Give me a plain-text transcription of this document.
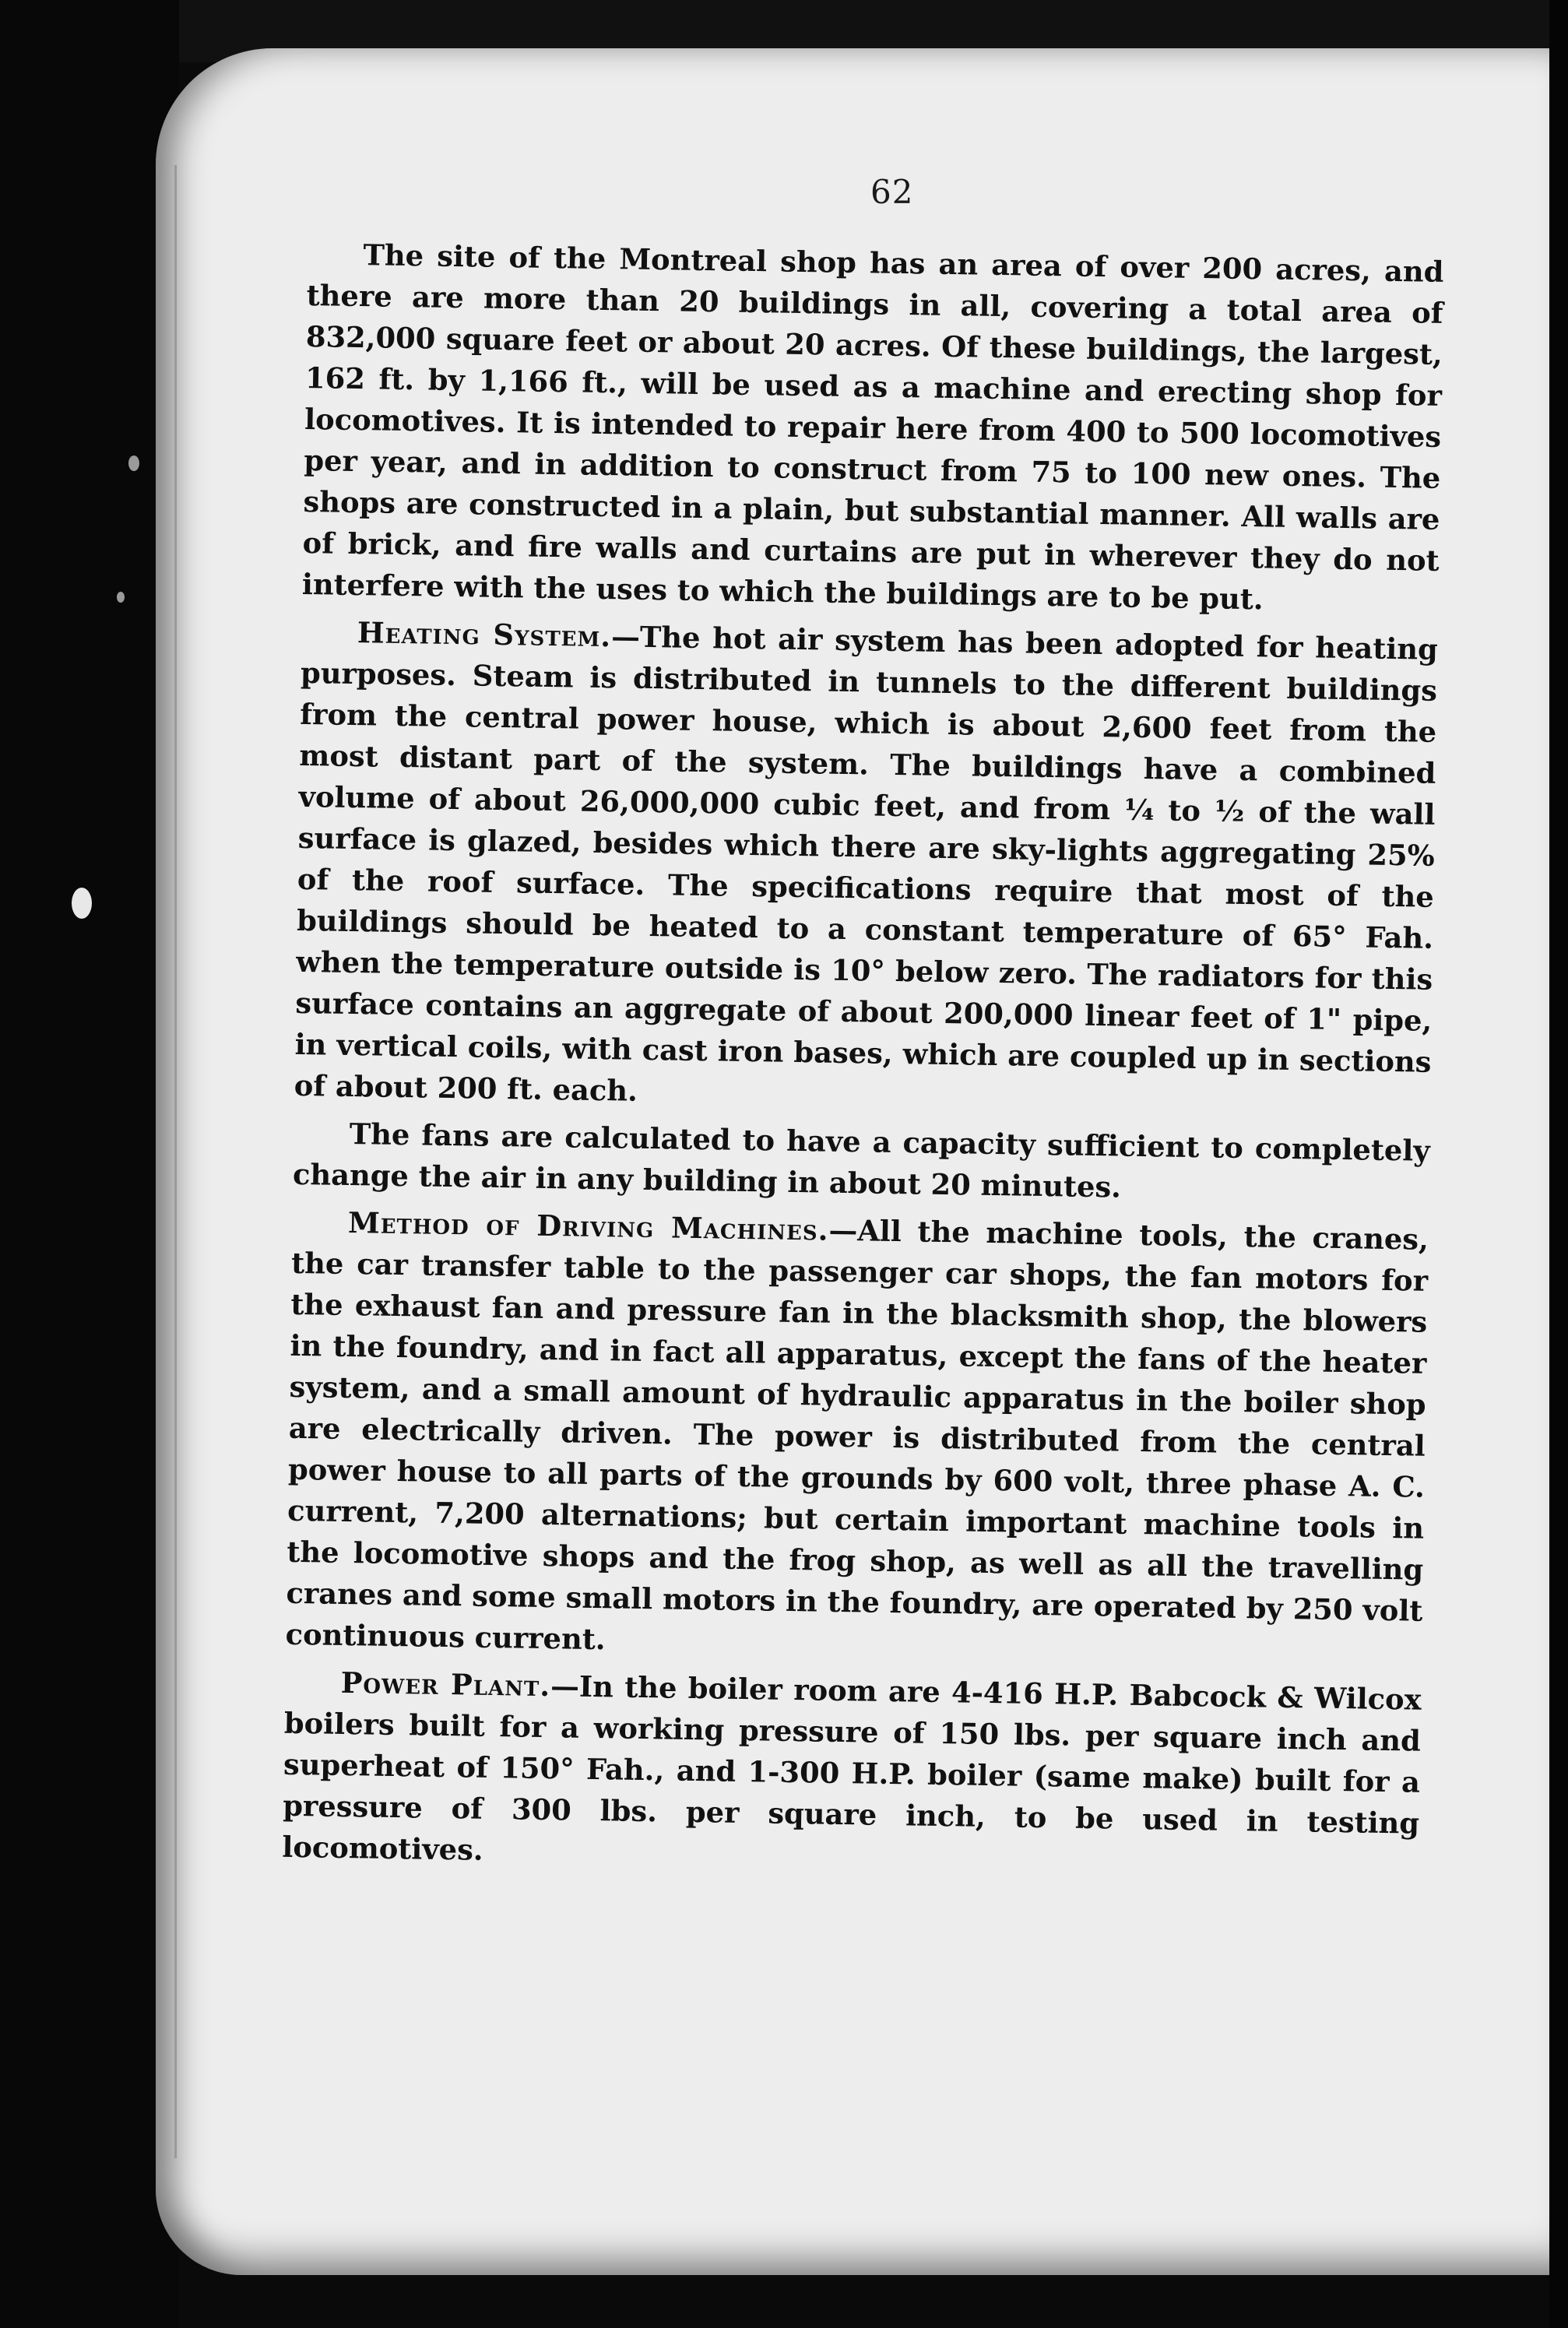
62

The site of the Montreal shop has an area of over 200 acres, and there are more than 20 buildings in all, covering a total area of 832,000 square feet or about 20 acres. Of these buildings, the largest, 162 ft. by 1,166 ft., will be used as a machine and erecting shop for locomotives. It is intended to repair here from 400 to 500 locomotives per year, and in addition to construct from 75 to 100 new ones. The shops are constructed in a plain, but substantial manner. All walls are of brick, and fire walls and curtains are put in wherever they do not interfere with the uses to which the buildings are to be put.

Heating System.—The hot air system has been adopted for heating purposes. Steam is distributed in tunnels to the different buildings from the central power house, which is about 2,600 feet from the most distant part of the system. The buildings have a combined volume of about 26,000,000 cubic feet, and from ¼ to ½ of the wall surface is glazed, besides which there are sky-lights aggregating 25% of the roof surface. The specifications require that most of the buildings should be heated to a constant temperature of 65° Fah. when the temperature outside is 10° below zero. The radiators for this surface contains an aggregate of about 200,000 linear feet of 1" pipe, in vertical coils, with cast iron bases, which are coupled up in sections of about 200 ft. each.

The fans are calculated to have a capacity sufficient to completely change the air in any building in about 20 minutes.

Method of Driving Machines.—All the machine tools, the cranes, the car transfer table to the passenger car shops, the fan motors for the exhaust fan and pressure fan in the blacksmith shop, the blowers in the foundry, and in fact all apparatus, except the fans of the heater system, and a small amount of hydraulic apparatus in the boiler shop are electrically driven. The power is distributed from the central power house to all parts of the grounds by 600 volt, three phase A. C. current, 7,200 alternations; but certain important machine tools in the locomotive shops and the frog shop, as well as all the travelling cranes and some small motors in the foundry, are operated by 250 volt continuous current.

Power Plant.—In the boiler room are 4-416 H.P. Babcock & Wilcox boilers built for a working pressure of 150 lbs. per square inch and superheat of 150° Fah., and 1-300 H.P. boiler (same make) built for a pressure of 300 lbs. per square inch, to be used in testing locomotives.
